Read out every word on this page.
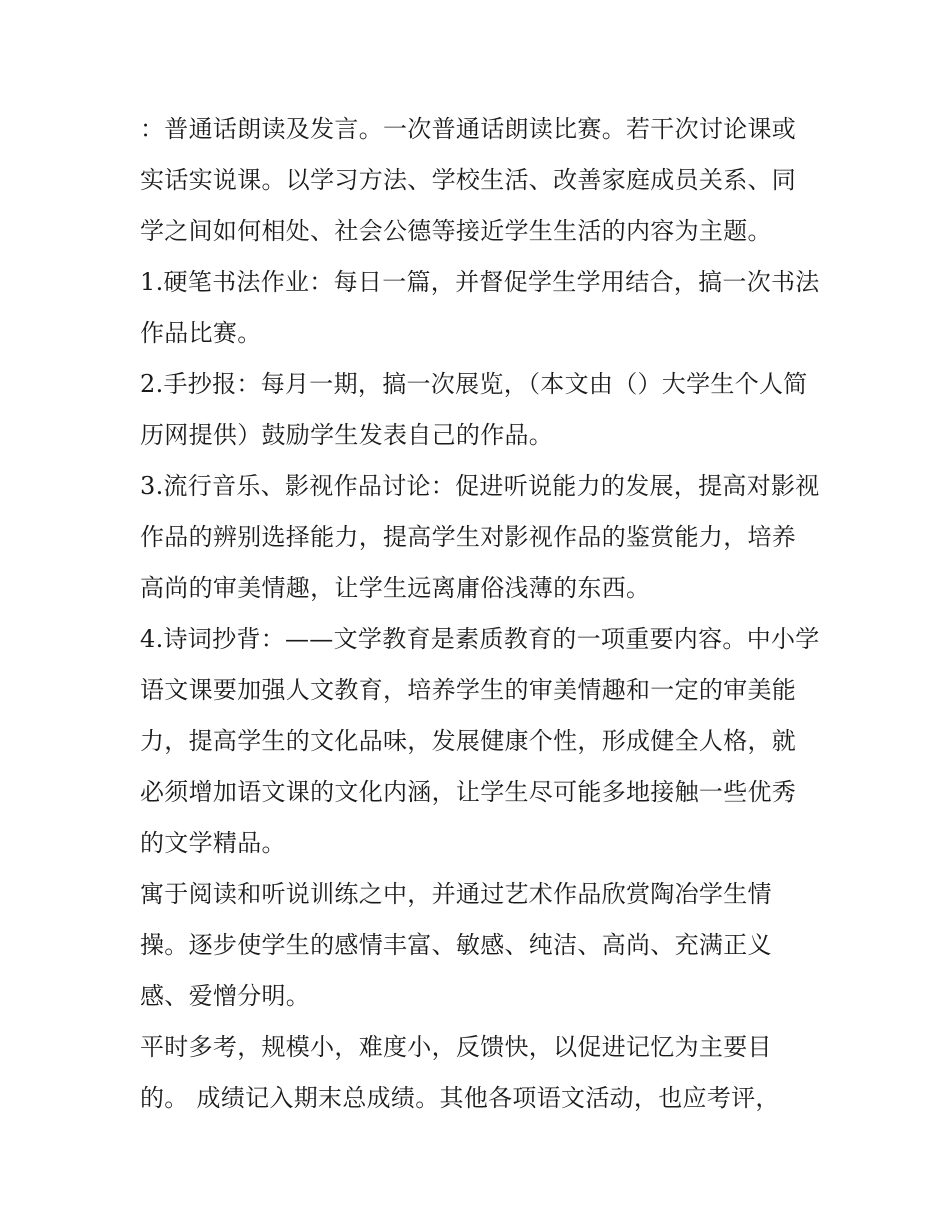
：普通话朗读及发言。一次普通话朗读比赛。若干次讨论课或实话实说课。以学习方法、学校生活、改善家庭成员关系、同学之间如何相处、社会公德等接近学生生活的内容为主题。

1.硬笔书法作业：每日一篇，并督促学生学用结合，搞一次书法作品比赛。

2.手抄报：每月一期，搞一次展览，（本文由（）大学生个人简历网提供）鼓励学生发表自己的作品。

3.流行音乐、影视作品讨论：促进听说能力的发展，提高对影视作品的辨别选择能力，提高学生对影视作品的鉴赏能力，培养高尚的审美情趣，让学生远离庸俗浅薄的东西。

4.诗词抄背：——文学教育是素质教育的一项重要内容。中小学语文课要加强人文教育，培养学生的审美情趣和一定的审美能力，提高学生的文化品味，发展健康个性，形成健全人格，就必须增加语文课的文化内涵，让学生尽可能多地接触一些优秀的文学精品。

寓于阅读和听说训练之中，并通过艺术作品欣赏陶冶学生情操。逐步使学生的感情丰富、敏感、纯洁、高尚、充满正义感、爱憎分明。

平时多考，规模小，难度小，反馈快，以促进记忆为主要目的。 成绩记入期末总成绩。其他各项语文活动，也应考评，
